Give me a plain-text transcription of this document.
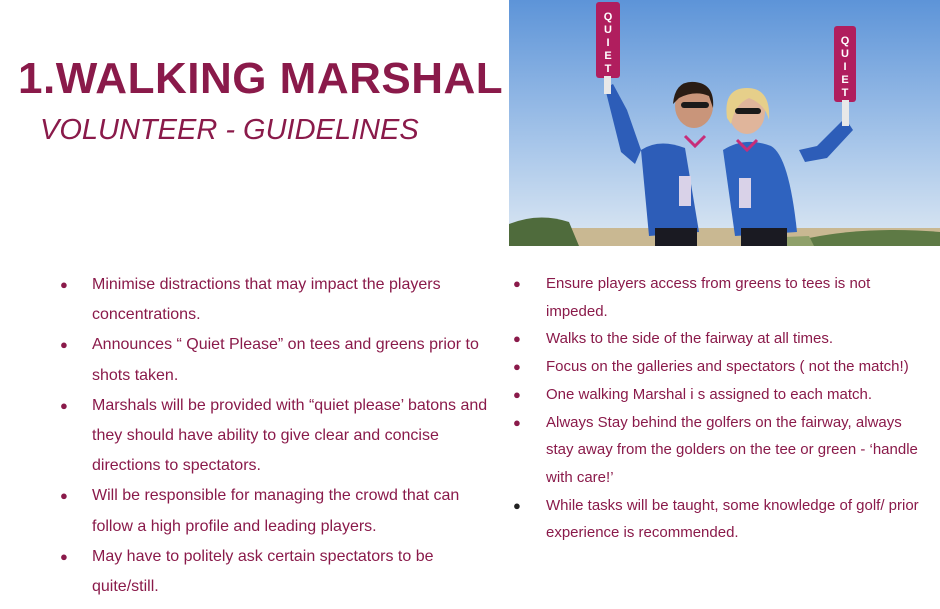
1.WALKING MARSHAL
VOLUNTEER - GUIDELINES
Q
U
I
E
T
Q
U
I
E
T
● Minimise distractions that may impact the players concentrations.
● Announces “ Quiet Please” on tees and greens prior to shots taken.
● Marshals will be provided with “quiet please’ batons and they should have ability to give clear and concise directions to spectators.
● Will be responsible for managing the crowd that can follow a high profile and leading players.
● May have to politely ask certain spectators to be quite/still.
● Ensure players access from greens to tees is not impeded.
● Walks to the side of the fairway at all times.
● Focus on the galleries and spectators ( not the match!)
● One walking Marshal i s assigned to each match.
● Always Stay behind the golfers on the fairway, always stay away from the golders on the tee or green - ‘handle with care!’
● While tasks will be taught, some knowledge of golf/ prior experience is recommended.
